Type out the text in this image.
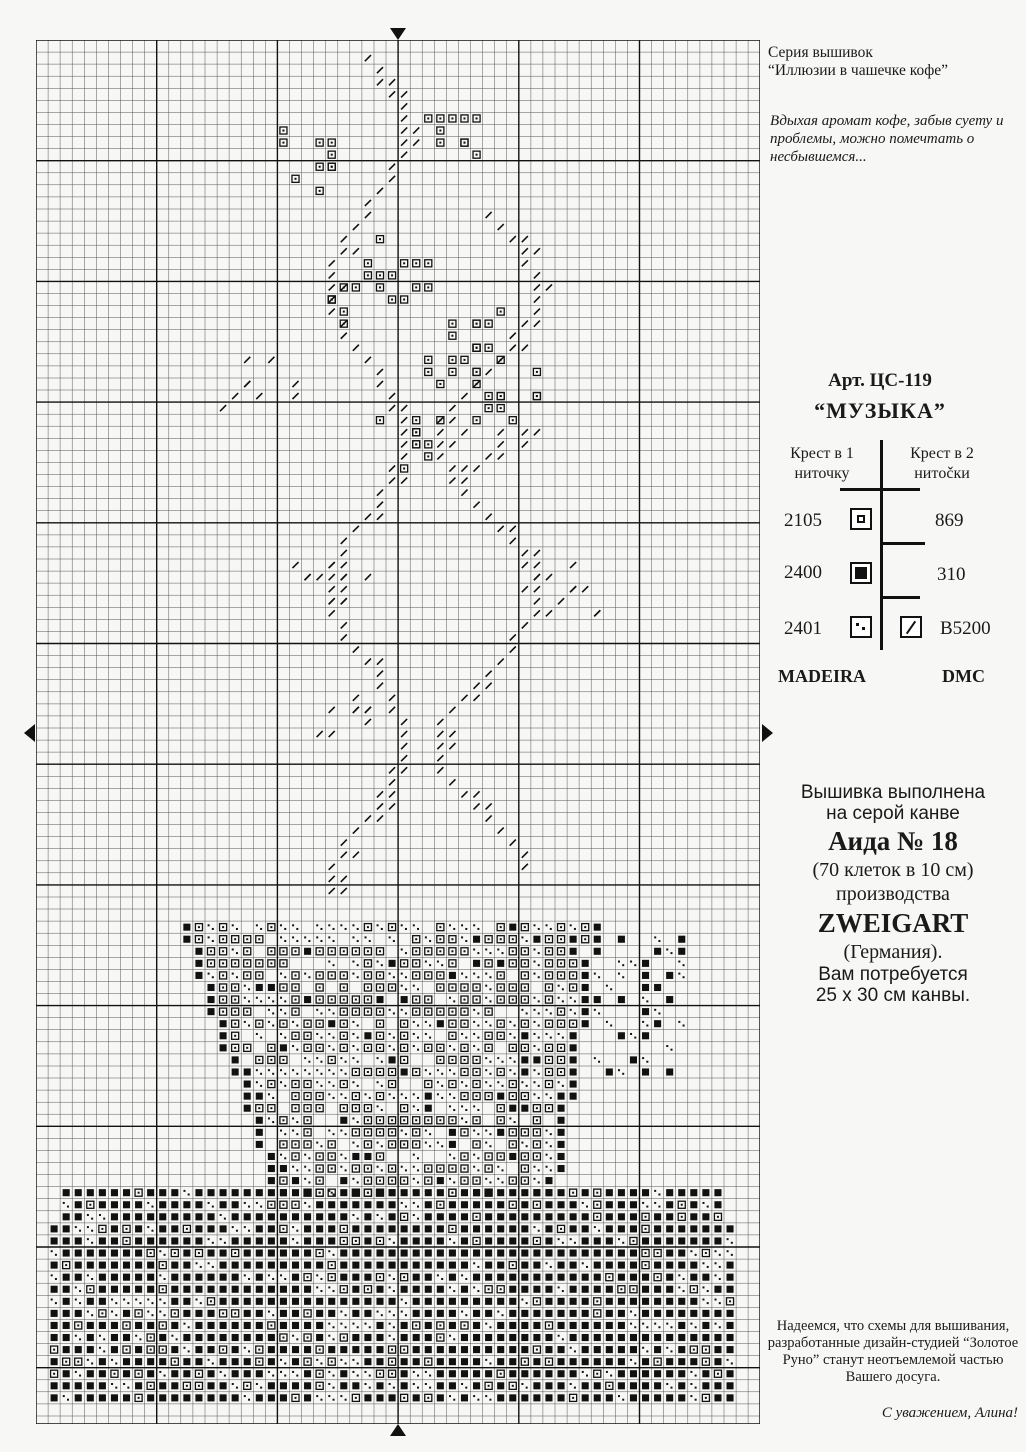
Серия вышивок
“Иллюзии в чашечке кофе”
Вдыхая аромат кофе, забыв суету и проблемы, можно помечтать о несбывшемся...
Арт. ЦС-119
“МУЗЫКА”
Крест в 1 ниточку
Крест в 2 нитočки
2105	869
2400	310
2401	B5200
MADEIRA	DMC
Вышивка выполнена
на серой канве
Аида № 18
(70 клеток в 10 см)
производства
ZWEIGART
(Германия).
Вам потребуется
25 х 30 см канвы.
Надеемся, что схемы для вышивания, разработанные дизайн-студией “Золотое Руно” станут неотъемлемой частью Вашего досуга.
С уважением, Алина!
